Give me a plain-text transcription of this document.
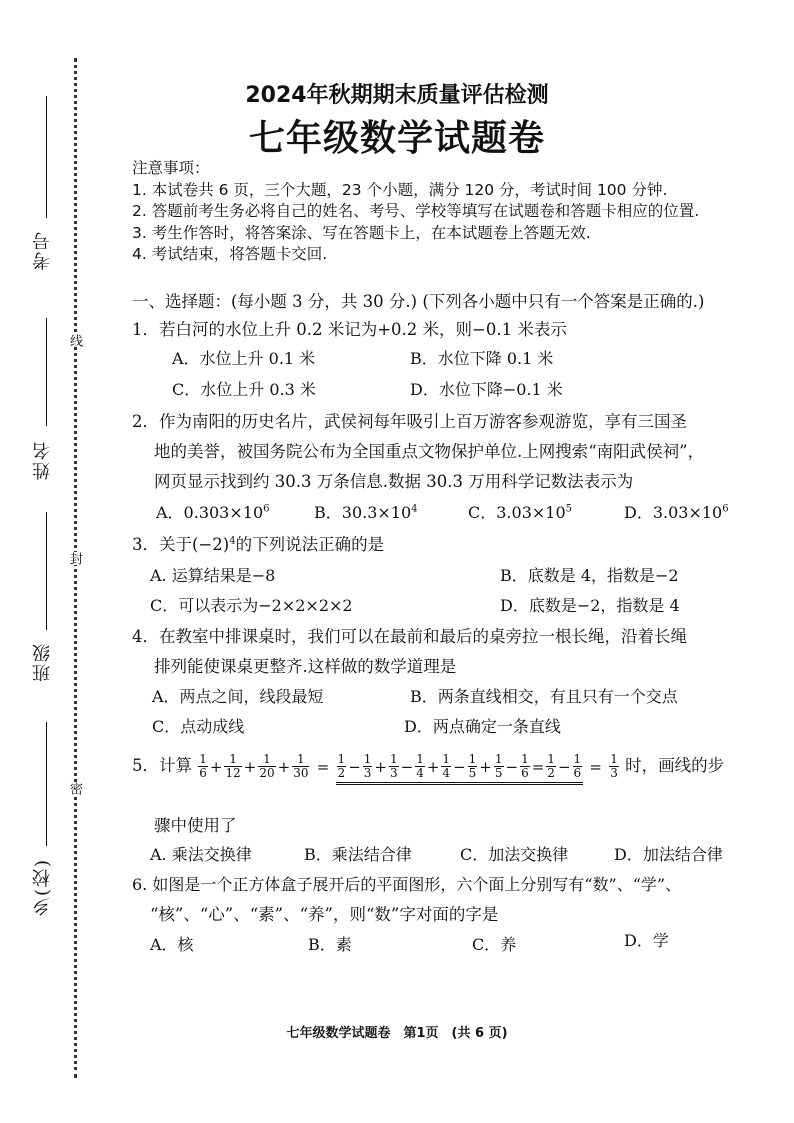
考号
姓名
班级
乡(校)
线
封
密
2024年秋期期末质量评估检测
七年级数学试题卷
注意事项：
1. 本试卷共 6 页，三个大题，23 个小题，满分 120 分，考试时间 100 分钟.
2. 答题前考生务必将自己的姓名、考号、学校等填写在试题卷和答题卡相应的位置.
3. 考生作答时，将答案涂、写在答题卡上，在本试题卷上答题无效.
4. 考试结束，将答题卡交回.
一、选择题：(每小题 3 分，共 30 分.) (下列各小题中只有一个答案是正确的.)
1．若白河的水位上升 0.2 米记为+0.2 米，则−0.1 米表示
A．水位上升 0.1 米	B．水位下降 0.1 米
C．水位上升 0.3 米	D．水位下降−0.1 米
2．作为南阳的历史名片，武侯祠每年吸引上百万游客参观游览，享有三国圣
地的美誉，被国务院公布为全国重点文物保护单位.上网搜索“南阳武侯祠”，
网页显示找到约 30.3 万条信息.数据 30.3 万用科学记数法表示为
A．$0.303\times 10^6$	B．$30.3\times 10^4$	C．$3.03\times 10^5$	D．$3.03\times 10^6$
3．关于$(-2)^4$的下列说法正确的是
A. 运算结果是−8	B．底数是 4，指数是−2
C．可以表示为−2×2×2×2	D．底数是−2，指数是 4
4．在教室中排课桌时，我们可以在最前和最后的桌旁拉一根长绳，沿着长绳
排列能使课桌更整齐.这样做的数学道理是
A．两点之间，线段最短	B．两条直线相交，有且只有一个交点
C．点动成线	D．两点确定一条直线
5．计算 $\frac{1}{6} + \frac{1}{12} + \frac{1}{20} + \frac{1}{30} = \frac{1}{2} - \frac{1}{3} + \frac{1}{3} - \frac{1}{4} + \frac{1}{4} - \frac{1}{5} + \frac{1}{5} - \frac{1}{6} = \frac{1}{2} - \frac{1}{6} = \frac{1}{3}$ 时，画线的步
骤中使用了
A. 乘法交换律	B．乘法结合律	C．加法交换律	D．加法结合律
6. 如图是一个正方体盒子展开后的平面图形，六个面上分别写有“数”、“学”、
“核”、“心”、“素”、“养”，则“数”字对面的字是
A．核	B．素	C．养	D．学
七年级数学试题卷　第1页　(共 6 页)
